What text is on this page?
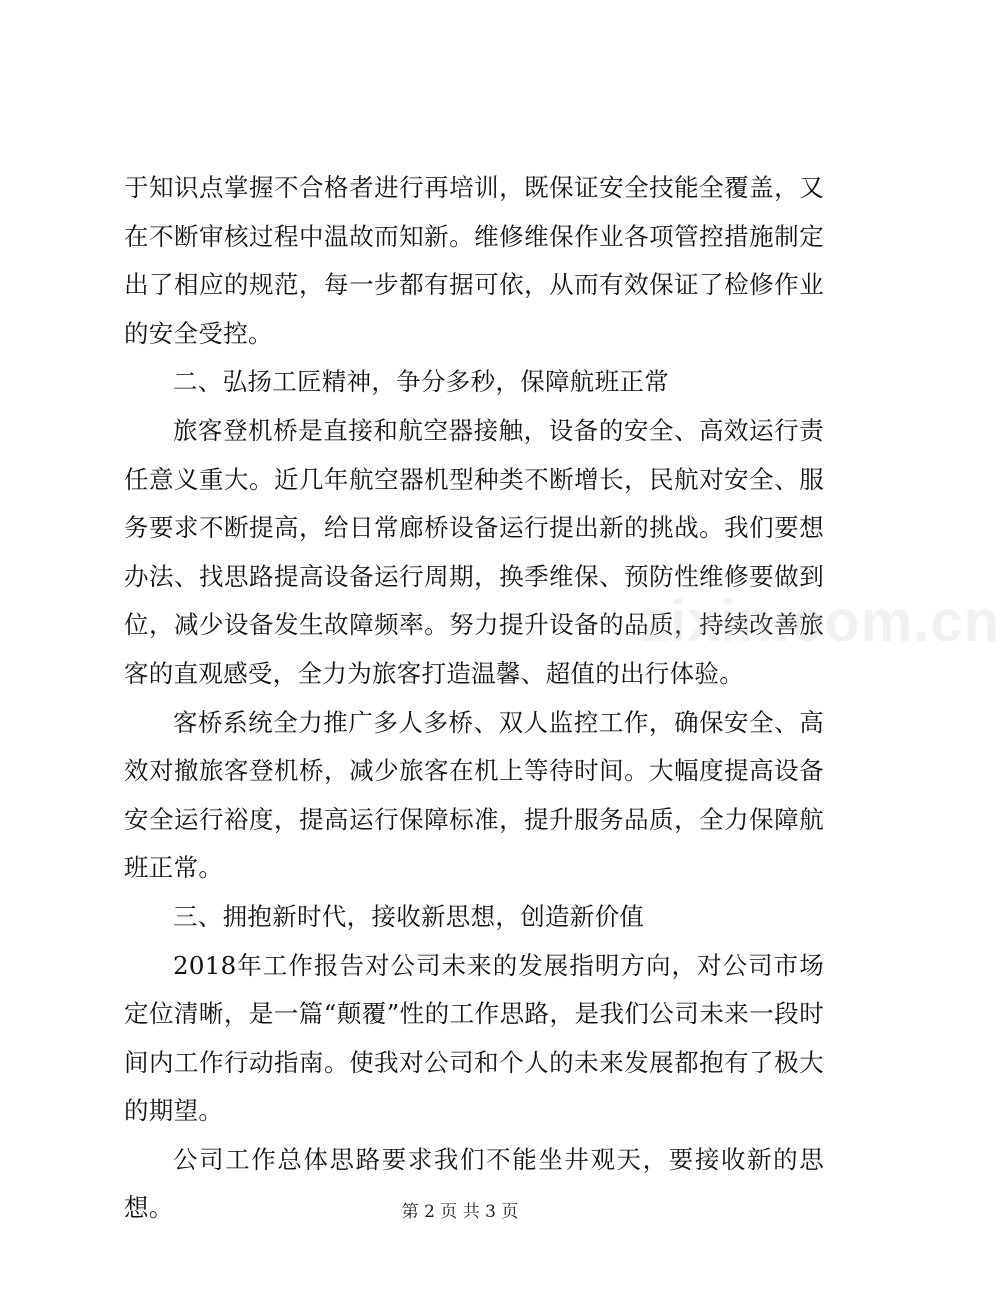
于知识点掌握不合格者进行再培训，既保证安全技能全覆盖，又在不断审核过程中温故而知新。维修维保作业各项管控措施制定出了相应的规范，每一步都有据可依，从而有效保证了检修作业的安全受控。

二、弘扬工匠精神，争分多秒，保障航班正常

旅客登机桥是直接和航空器接触，设备的安全、高效运行责任意义重大。近几年航空器机型种类不断增长，民航对安全、服务要求不断提高，给日常廊桥设备运行提出新的挑战。我们要想办法、找思路提高设备运行周期，换季维保、预防性维修要做到位，减少设备发生故障频率。努力提升设备的品质，持续改善旅客的直观感受，全力为旅客打造温馨、超值的出行体验。

客桥系统全力推广多人多桥、双人监控工作，确保安全、高效对撤旅客登机桥，减少旅客在机上等待时间。大幅度提高设备安全运行裕度，提高运行保障标准，提升服务品质，全力保障航班正常。

三、拥抱新时代，接收新思想，创造新价值

2018年工作报告对公司未来的发展指明方向，对公司市场定位清晰，是一篇“颠覆”性的工作思路，是我们公司未来一段时间内工作行动指南。使我对公司和个人的未来发展都抱有了极大的期望。

公司工作总体思路要求我们不能坐井观天，要接收新的思想。

zixin.com.cn
第 2 页 共 3 页
